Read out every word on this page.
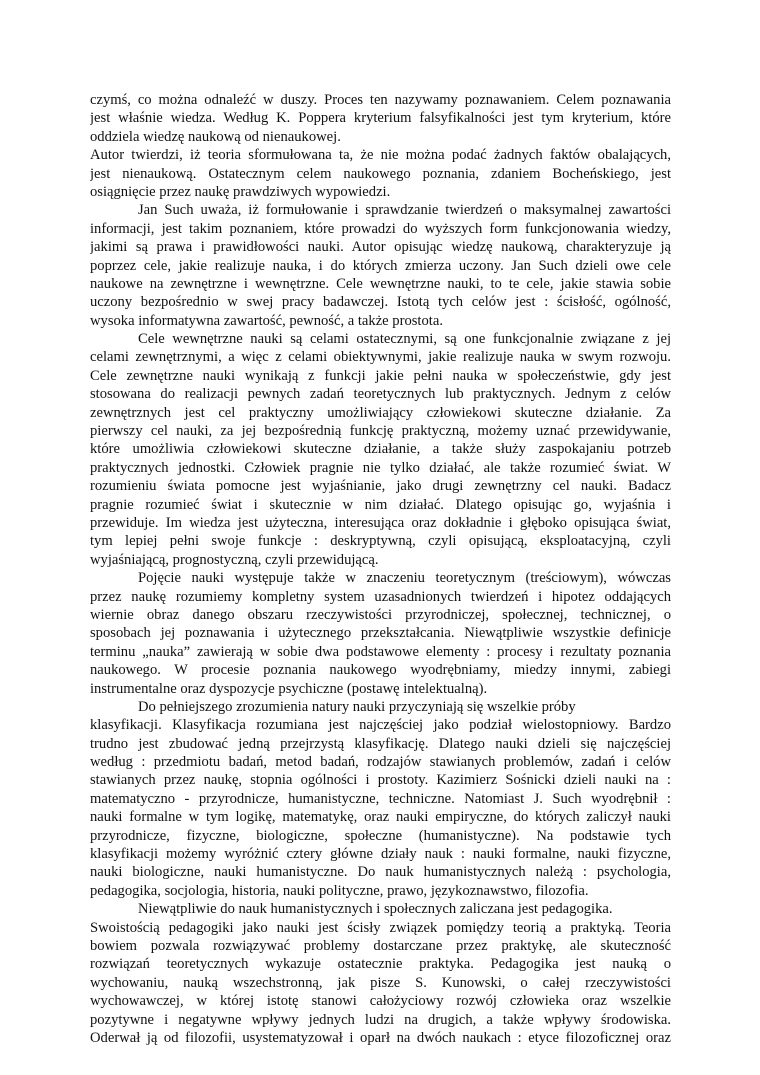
czymś, co można odnaleźć w duszy. Proces ten nazywamy poznawaniem. Celem poznawania
jest właśnie wiedza. Według K. Poppera kryterium falsyfikalności jest tym kryterium, które
oddziela wiedzę naukową od nienaukowej.
Autor twierdzi, iż teoria sformułowana ta, że nie można podać żadnych faktów obalających,
jest nienaukową. Ostatecznym celem naukowego poznania, zdaniem Bocheńskiego, jest
osiągnięcie przez naukę prawdziwych wypowiedzi.
Jan Such uważa, iż formułowanie i sprawdzanie twierdzeń o maksymalnej zawartości
informacji, jest takim poznaniem, które prowadzi do wyższych form funkcjonowania wiedzy,
jakimi są prawa i prawidłowości nauki. Autor opisując wiedzę naukową, charakteryzuje ją
poprzez cele, jakie realizuje nauka, i do których zmierza uczony. Jan Such dzieli owe cele
naukowe na zewnętrzne i wewnętrzne. Cele wewnętrzne nauki, to te cele, jakie stawia sobie
uczony bezpośrednio w swej pracy badawczej. Istotą tych celów jest : ścisłość, ogólność,
wysoka informatywna zawartość, pewność, a także prostota.
Cele wewnętrzne nauki są celami ostatecznymi, są one funkcjonalnie związane z jej
celami zewnętrznymi, a więc z celami obiektywnymi, jakie realizuje nauka w swym rozwoju.
Cele zewnętrzne nauki wynikają z funkcji jakie pełni nauka w społeczeństwie, gdy jest
stosowana do realizacji pewnych zadań teoretycznych lub praktycznych. Jednym z celów
zewnętrznych jest cel praktyczny umożliwiający człowiekowi skuteczne działanie. Za
pierwszy cel nauki, za jej bezpośrednią funkcję praktyczną, możemy uznać przewidywanie,
które umożliwia człowiekowi skuteczne działanie, a także służy zaspokajaniu potrzeb
praktycznych jednostki. Człowiek pragnie nie tylko działać, ale także rozumieć świat. W
rozumieniu świata pomocne jest wyjaśnianie, jako drugi zewnętrzny cel nauki. Badacz
pragnie rozumieć świat i skutecznie w nim działać. Dlatego opisując go, wyjaśnia i
przewiduje. Im wiedza jest użyteczna, interesująca oraz dokładnie i głęboko opisująca świat,
tym lepiej pełni swoje funkcje : deskryptywną, czyli opisującą, eksploatacyjną, czyli
wyjaśniającą, prognostyczną, czyli przewidującą.
Pojęcie nauki występuje także w znaczeniu teoretycznym (treściowym), wówczas
przez naukę rozumiemy kompletny system uzasadnionych twierdzeń i hipotez oddających
wiernie obraz danego obszaru rzeczywistości przyrodniczej, społecznej, technicznej, o
sposobach jej poznawania i użytecznego przekształcania. Niewątpliwie wszystkie definicje
terminu „nauka” zawierają w sobie dwa podstawowe elementy : procesy i rezultaty poznania
naukowego. W procesie poznania naukowego wyodrębniamy, miedzy innymi, zabiegi
instrumentalne oraz dyspozycje psychiczne (postawę intelektualną).
Do pełniejszego zrozumienia natury nauki przyczyniają się wszelkie próby
klasyfikacji. Klasyfikacja rozumiana jest najczęściej jako podział wielostopniowy. Bardzo
trudno jest zbudować jedną przejrzystą klasyfikację. Dlatego nauki dzieli się najczęściej
według : przedmiotu badań, metod badań, rodzajów stawianych problemów, zadań i celów
stawianych przez naukę, stopnia ogólności i prostoty. Kazimierz Sośnicki dzieli nauki na :
matematyczno - przyrodnicze, humanistyczne, techniczne. Natomiast J. Such wyodrębnił :
nauki formalne w tym logikę, matematykę, oraz nauki empiryczne, do których zaliczył nauki
przyrodnicze, fizyczne, biologiczne, społeczne (humanistyczne). Na podstawie tych
klasyfikacji możemy wyróżnić cztery główne działy nauk : nauki formalne, nauki fizyczne,
nauki biologiczne, nauki humanistyczne. Do nauk humanistycznych należą : psychologia,
pedagogika, socjologia, historia, nauki polityczne, prawo, językoznawstwo, filozofia.
Niewątpliwie do nauk humanistycznych i społecznych zaliczana jest pedagogika.
Swoistością pedagogiki jako nauki jest ścisły związek pomiędzy teorią a praktyką. Teoria
bowiem pozwala rozwiązywać problemy dostarczane przez praktykę, ale skuteczność
rozwiązań teoretycznych wykazuje ostatecznie praktyka. Pedagogika jest nauką o
wychowaniu, nauką wszechstronną, jak pisze S. Kunowski, o całej rzeczywistości
wychowawczej, w której istotę stanowi całożyciowy rozwój człowieka oraz wszelkie
pozytywne i negatywne wpływy jednych ludzi na drugich, a także wpływy środowiska.
Oderwał ją od filozofii, usystematyzował i oparł na dwóch naukach : etyce filozoficznej oraz
